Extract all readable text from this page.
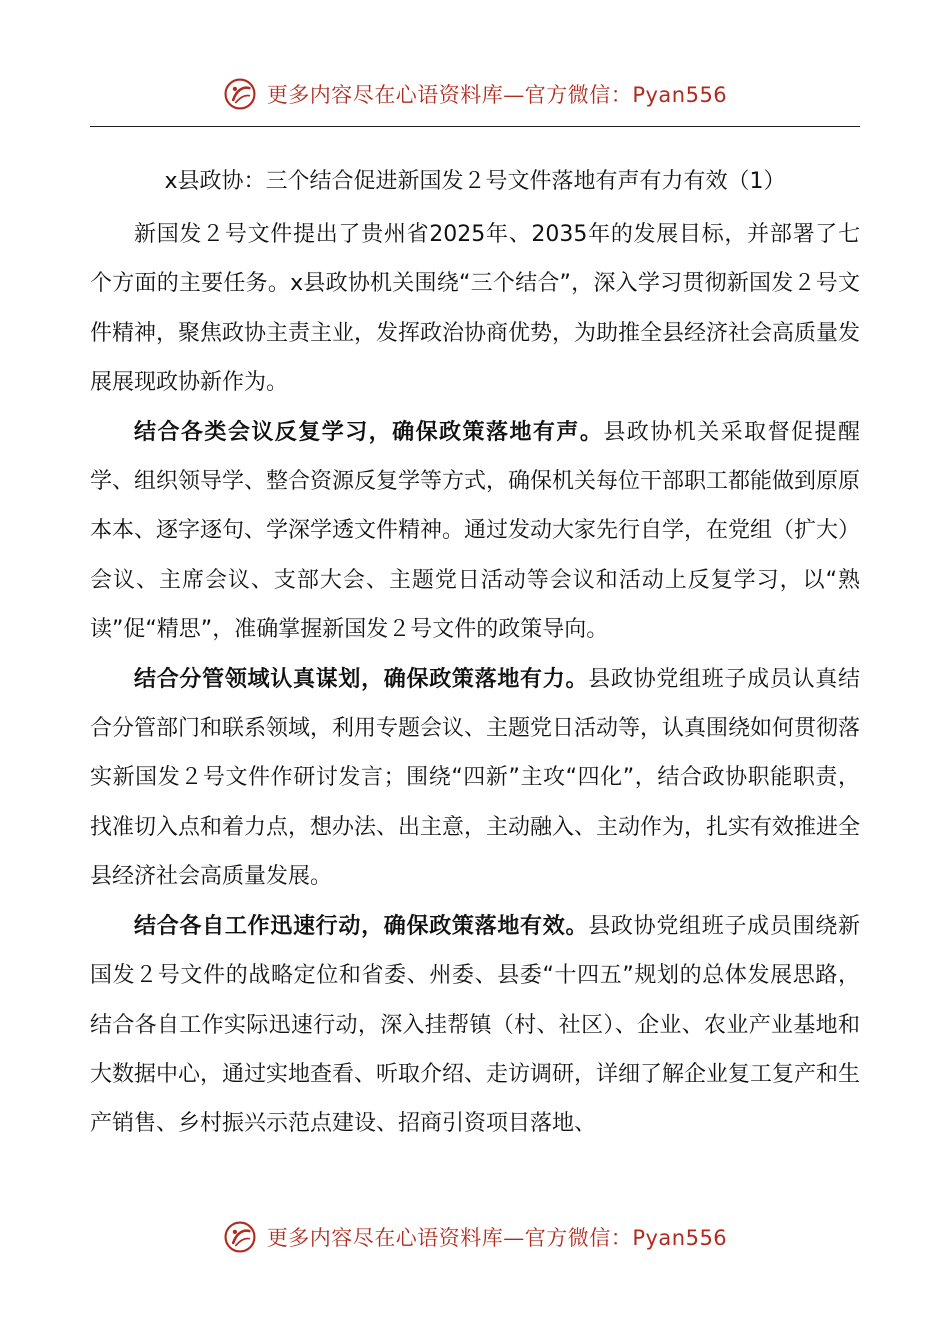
更多内容尽在心语资料库—官方微信：Pyan556

x县政协：三个结合促进新国发２号文件落地有声有力有效（1）

新国发２号文件提出了贵州省2025年、2035年的发展目标，并部署了七个方面的主要任务。x县政协机关围绕“三个结合”，深入学习贯彻新国发２号文件精神，聚焦政协主责主业，发挥政治协商优势，为助推全县经济社会高质量发展展现政协新作为。

结合各类会议反复学习，确保政策落地有声。县政协机关采取督促提醒学、组织领导学、整合资源反复学等方式，确保机关每位干部职工都能做到原原本本、逐字逐句、学深学透文件精神。通过发动大家先行自学，在党组（扩大）会议、主席会议、支部大会、主题党日活动等会议和活动上反复学习，以“熟读”促“精思”，准确掌握新国发２号文件的政策导向。

结合分管领域认真谋划，确保政策落地有力。县政协党组班子成员认真结合分管部门和联系领域，利用专题会议、主题党日活动等，认真围绕如何贯彻落实新国发２号文件作研讨发言；围绕“四新”主攻“四化”，结合政协职能职责，找准切入点和着力点，想办法、出主意，主动融入、主动作为，扎实有效推进全县经济社会高质量发展。

结合各自工作迅速行动，确保政策落地有效。县政协党组班子成员围绕新国发２号文件的战略定位和省委、州委、县委“十四五”规划的总体发展思路，结合各自工作实际迅速行动，深入挂帮镇（村、社区）、企业、农业产业基地和大数据中心，通过实地查看、听取介绍、走访调研，详细了解企业复工复产和生产销售、乡村振兴示范点建设、招商引资项目落地、

更多内容尽在心语资料库—官方微信：Pyan556
